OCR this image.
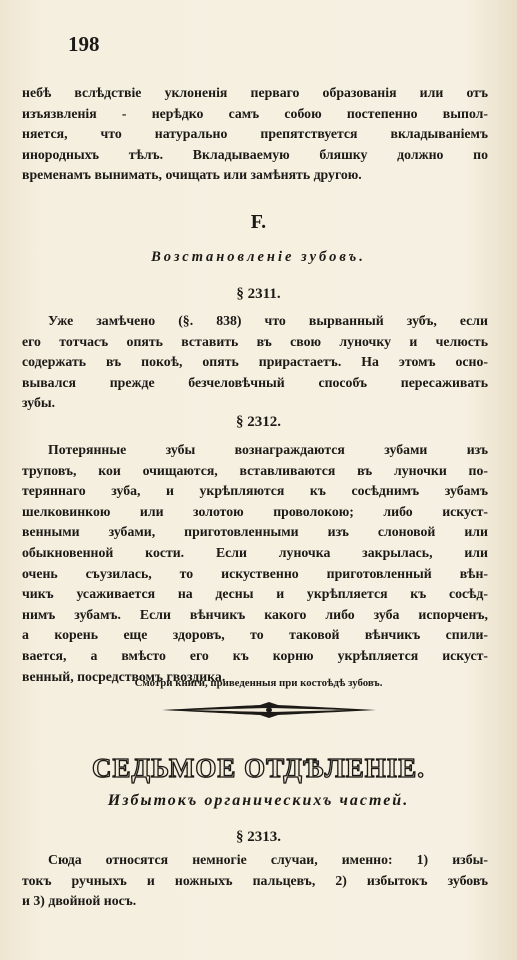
198
небѣ вслѣдствіе уклоненія перваго образованія или отъ
изъязвленія - нерѣдко самъ собою постепенно выпол-
няется, что натурально препятствуется вкладываніемъ
инородныхъ тѣлъ. Вкладываемую бляшку должно по
временамъ вынимать, очищать или замѣнять другою.
F.
Возстановленіе зубовъ.
§ 2311.
Уже замѣчено (§. 838) что вырванный зубъ, если
его тотчасъ опять вставить въ свою луночку и челюсть
содержать въ покоѣ, опять прирастаетъ. На этомъ осно-
вывался прежде безчеловѣчный способъ пересаживать
зубы.
§ 2312.
Потерянные зубы вознаграждаются зубами изъ
труповъ, кои очищаются, вставливаются въ луночки по-
теряннаго зуба, и укрѣпляются къ сосѣднимъ зубамъ
шелковинкою или золотою проволокою; либо искуст-
венными зубами, приготовленными изъ слоновой или
обыкновенной кости. Если луночка закрылась, или
очень съузилась, то искуственно приготовленный вѣн-
чикъ усаживается на десны и укрѣпляется къ сосѣд-
нимъ зубамъ. Если вѣнчикъ какого либо зуба испорченъ,
а корень еще здоровъ, то таковой вѣнчикъ спили-
вается, а вмѣсто его къ корню укрѣпляется искуст-
венный, посредствомъ гвоздика.
Смотри книги, приведенныя при костоѣдѣ зубовъ.
СЕДЬМОЕ ОТДѢЛЕНІЕ.
Избытокъ органическихъ частей.
§ 2313.
Сюда относятся немногіе случаи, именно: 1) избы-
токъ ручныхъ и ножныхъ пальцевъ, 2) избытокъ зубовъ
и 3) двойной носъ.
